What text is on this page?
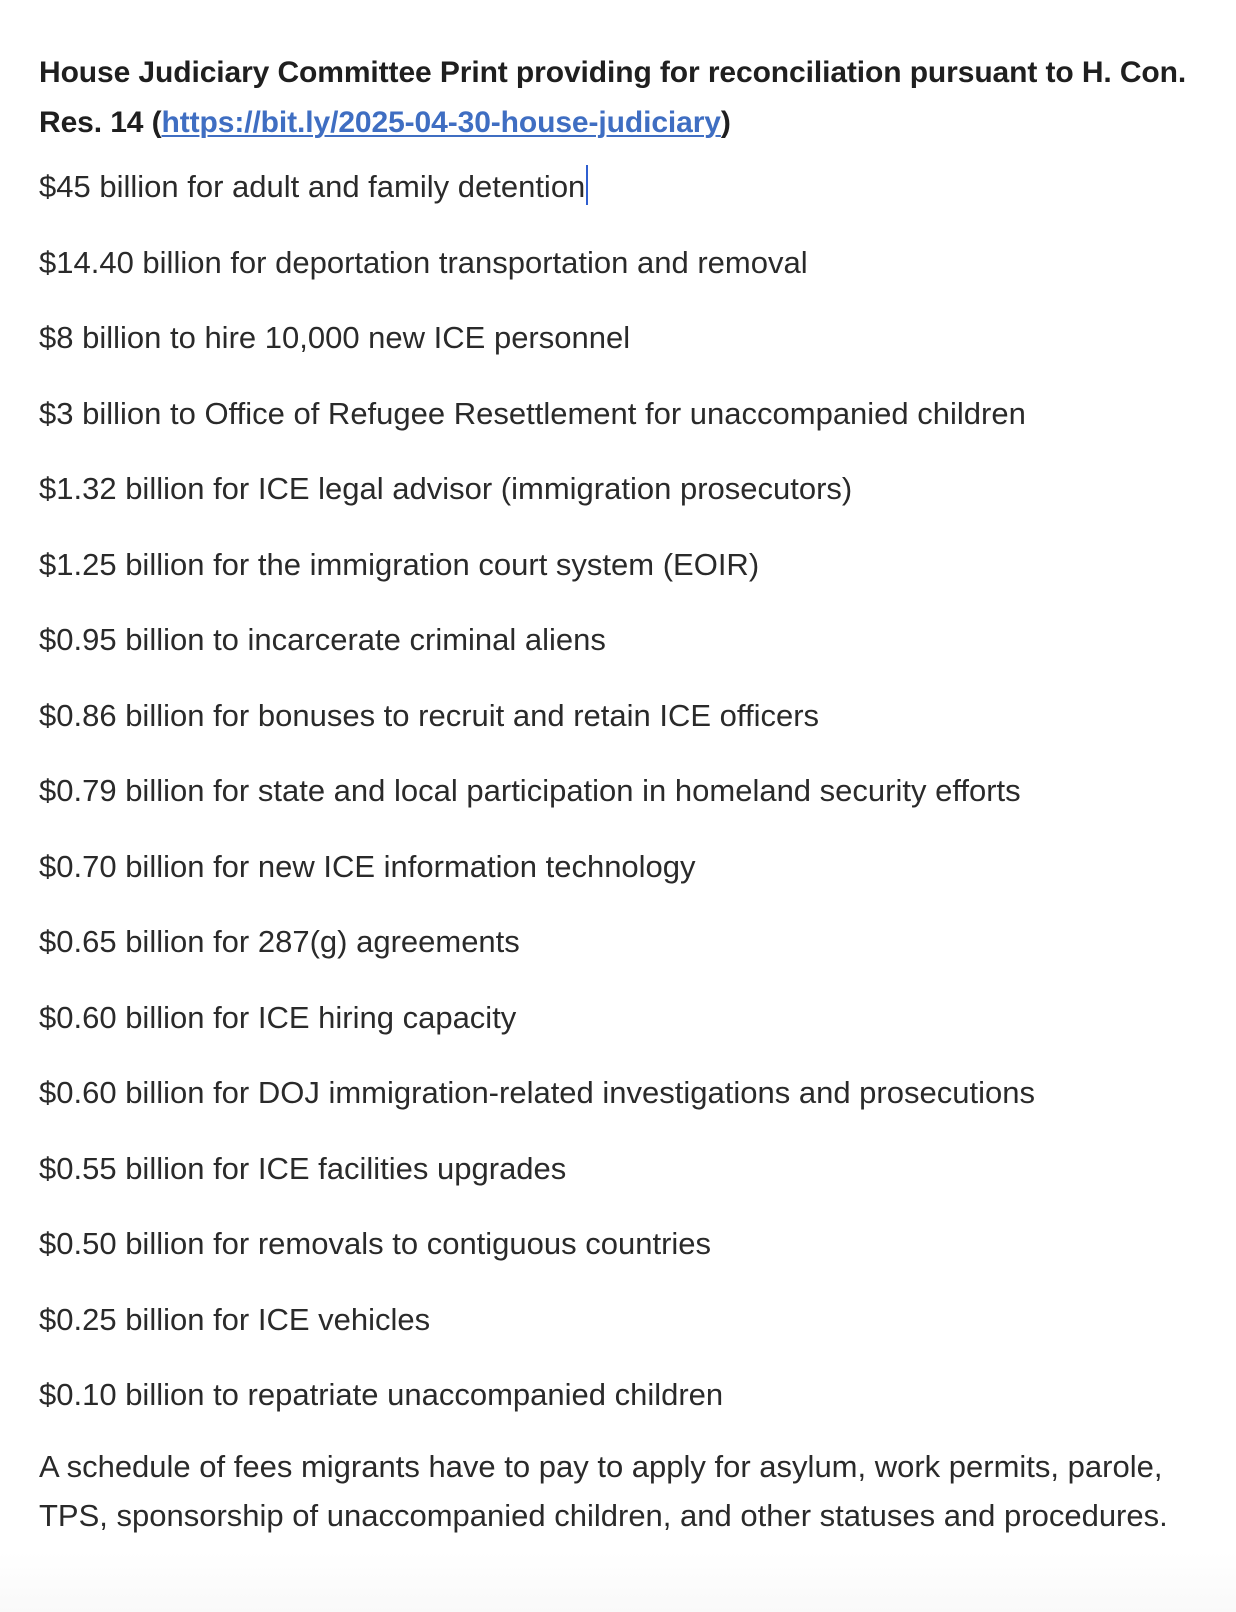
House Judiciary Committee Print providing for reconciliation pursuant to H. Con. Res. 14 (https://bit.ly/2025-04-30-house-judiciary)

$45 billion for adult and family detention
$14.40 billion for deportation transportation and removal
$8 billion to hire 10,000 new ICE personnel
$3 billion to Office of Refugee Resettlement for unaccompanied children
$1.32 billion for ICE legal advisor (immigration prosecutors)
$1.25 billion for the immigration court system (EOIR)
$0.95 billion to incarcerate criminal aliens
$0.86 billion for bonuses to recruit and retain ICE officers
$0.79 billion for state and local participation in homeland security efforts
$0.70 billion for new ICE information technology
$0.65 billion for 287(g) agreements
$0.60 billion for ICE hiring capacity
$0.60 billion for DOJ immigration-related investigations and prosecutions
$0.55 billion for ICE facilities upgrades
$0.50 billion for removals to contiguous countries
$0.25 billion for ICE vehicles
$0.10 billion to repatriate unaccompanied children

A schedule of fees migrants have to pay to apply for asylum, work permits, parole, TPS, sponsorship of unaccompanied children, and other statuses and procedures.
